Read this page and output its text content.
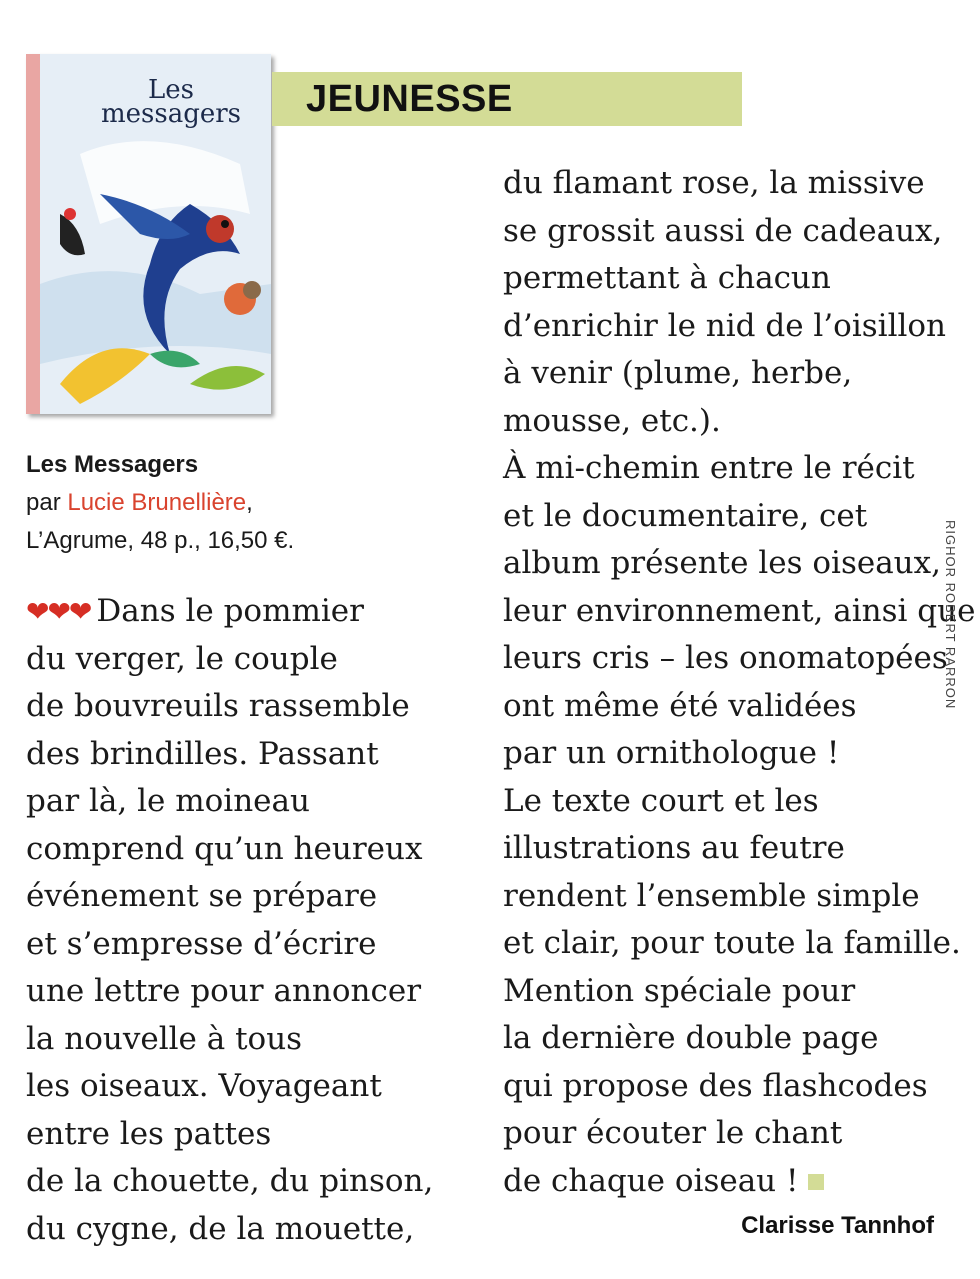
Les
messagers	JEUNESSE
Les Messagers
par Lucie Brunellière,
L’Agrume, 48 p., 16,50 €.
❤❤❤ Dans le pommier
du verger, le couple
de bouvreuils rassemble
des brindilles. Passant
par là, le moineau
comprend qu’un heureux
événement se prépare
et s’empresse d’écrire
une lettre pour annoncer
la nouvelle à tous
les oiseaux. Voyageant
entre les pattes
de la chouette, du pinson,
du cygne, de la mouette,
du flamant rose, la missive
se grossit aussi de cadeaux,
permettant à chacun
d’enrichir le nid de l’oisillon
à venir (plume, herbe,
mousse, etc.).
À mi-chemin entre le récit
et le documentaire, cet
album présente les oiseaux,
leur environnement, ainsi que
leurs cris – les onomatopées
ont même été validées
par un ornithologue !
Le texte court et les
illustrations au feutre
rendent l’ensemble simple
et clair, pour toute la famille.
Mention spéciale pour
la dernière double page
qui propose des flashcodes
pour écouter le chant
de chaque oiseau !
Clarisse Tannhof
RIGHOR ROBERT RARRON
